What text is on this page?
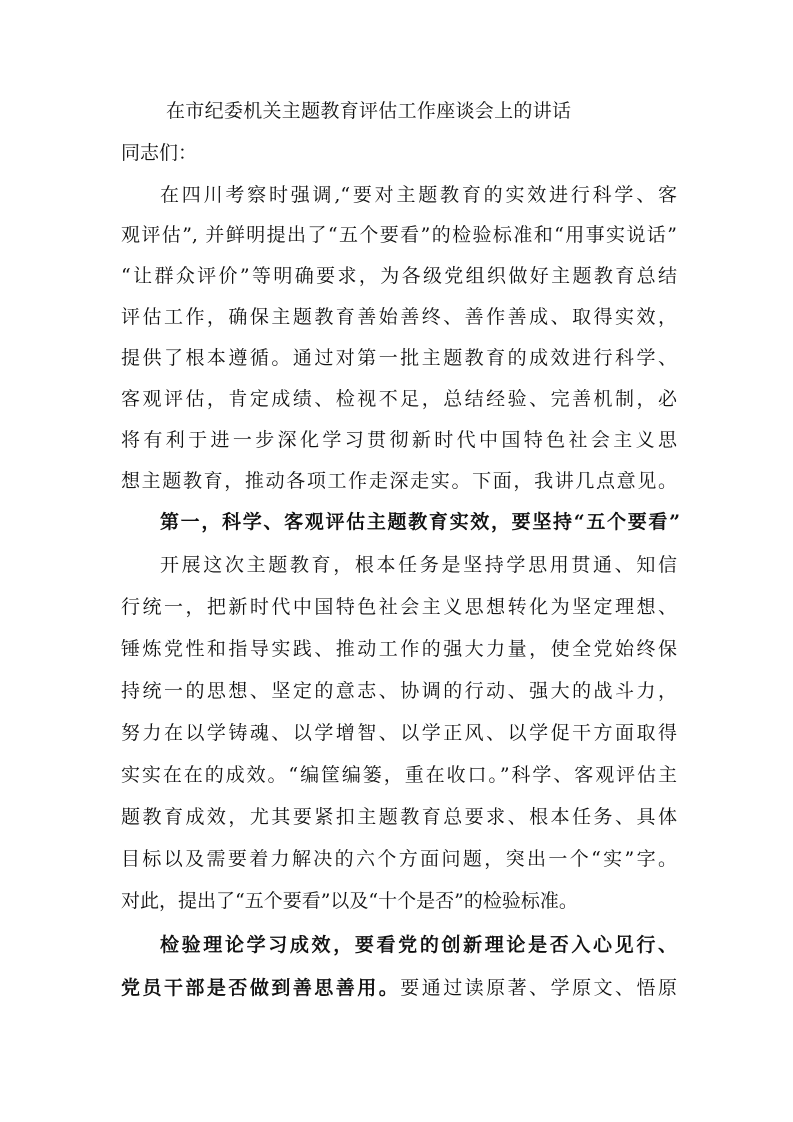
在市纪委机关主题教育评估工作座谈会上的讲话
同志们：
在四川考察时强调,“要对主题教育的实效进行科学、客
观评估”, 并鲜明提出了“五个要看”的检验标准和“用事实说话”
“让群众评价”等明确要求，为各级党组织做好主题教育总结
评估工作，确保主题教育善始善终、善作善成、取得实效，
提供了根本遵循。通过对第一批主题教育的成效进行科学、
客观评估，肯定成绩、检视不足，总结经验、完善机制，必
将有利于进一步深化学习贯彻新时代中国特色社会主义思
想主题教育，推动各项工作走深走实。下面，我讲几点意见。
第一，科学、客观评估主题教育实效，要坚持“五个要看”
开展这次主题教育，根本任务是坚持学思用贯通、知信
行统一，把新时代中国特色社会主义思想转化为坚定理想、
锤炼党性和指导实践、推动工作的强大力量，使全党始终保
持统一的思想、坚定的意志、协调的行动、强大的战斗力，
努力在以学铸魂、以学增智、以学正风、以学促干方面取得
实实在在的成效。“编筐编篓，重在收口。”科学、客观评估主
题教育成效，尤其要紧扣主题教育总要求、根本任务、具体
目标以及需要着力解决的六个方面问题，突出一个“实”字。
对此，提出了“五个要看”以及“十个是否”的检验标准。
检验理论学习成效，要看党的创新理论是否入心见行、
党员干部是否做到善思善用。要通过读原著、学原文、悟原
